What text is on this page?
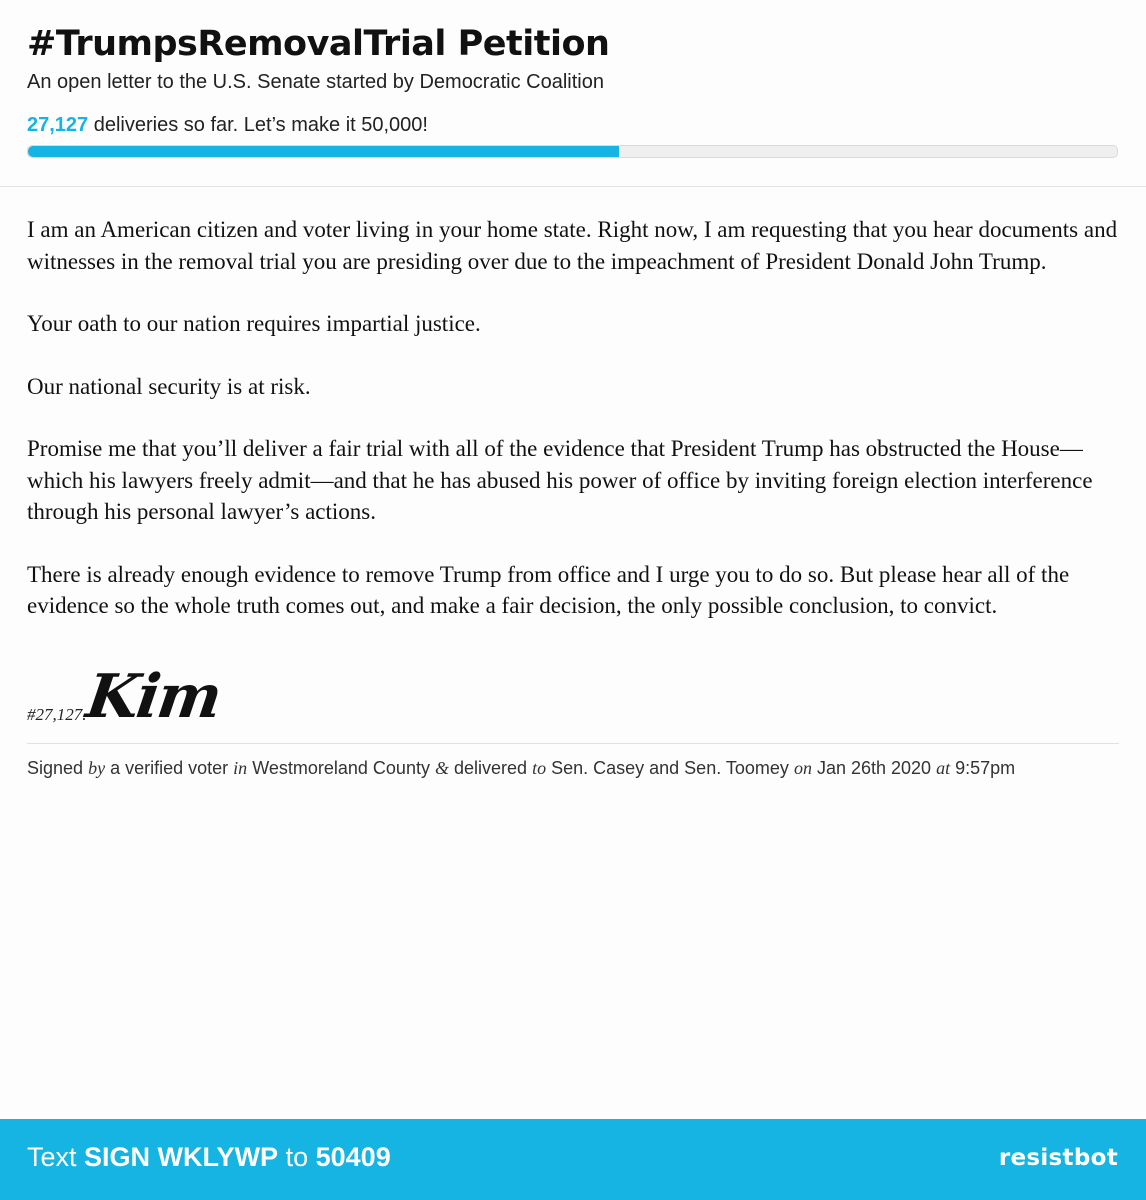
#TrumpsRemovalTrial Petition

An open letter to the U.S. Senate started by Democratic Coalition

27,127 deliveries so far. Let’s make it 50,000!

I am an American citizen and voter living in your home state. Right now, I am requesting that you hear documents and witnesses in the removal trial you are presiding over due to the impeachment of President Donald John Trump.

Your oath to our nation requires impartial justice.

Our national security is at risk.

Promise me that you’ll deliver a fair trial with all of the evidence that President Trump has obstructed the House—which his lawyers freely admit—and that he has abused his power of office by inviting foreign election interference through his personal lawyer’s actions.

There is already enough evidence to remove Trump from office and I urge you to do so. But please hear all of the evidence so the whole truth comes out, and make a fair decision, the only possible conclusion, to convict.

#27,127.
Kim
Signed by a verified voter in Westmoreland County & delivered to Sen. Casey and Sen. Toomey on Jan 26th 2020 at 9:57pm
Text SIGN WKLYWP to 50409	resistbot
